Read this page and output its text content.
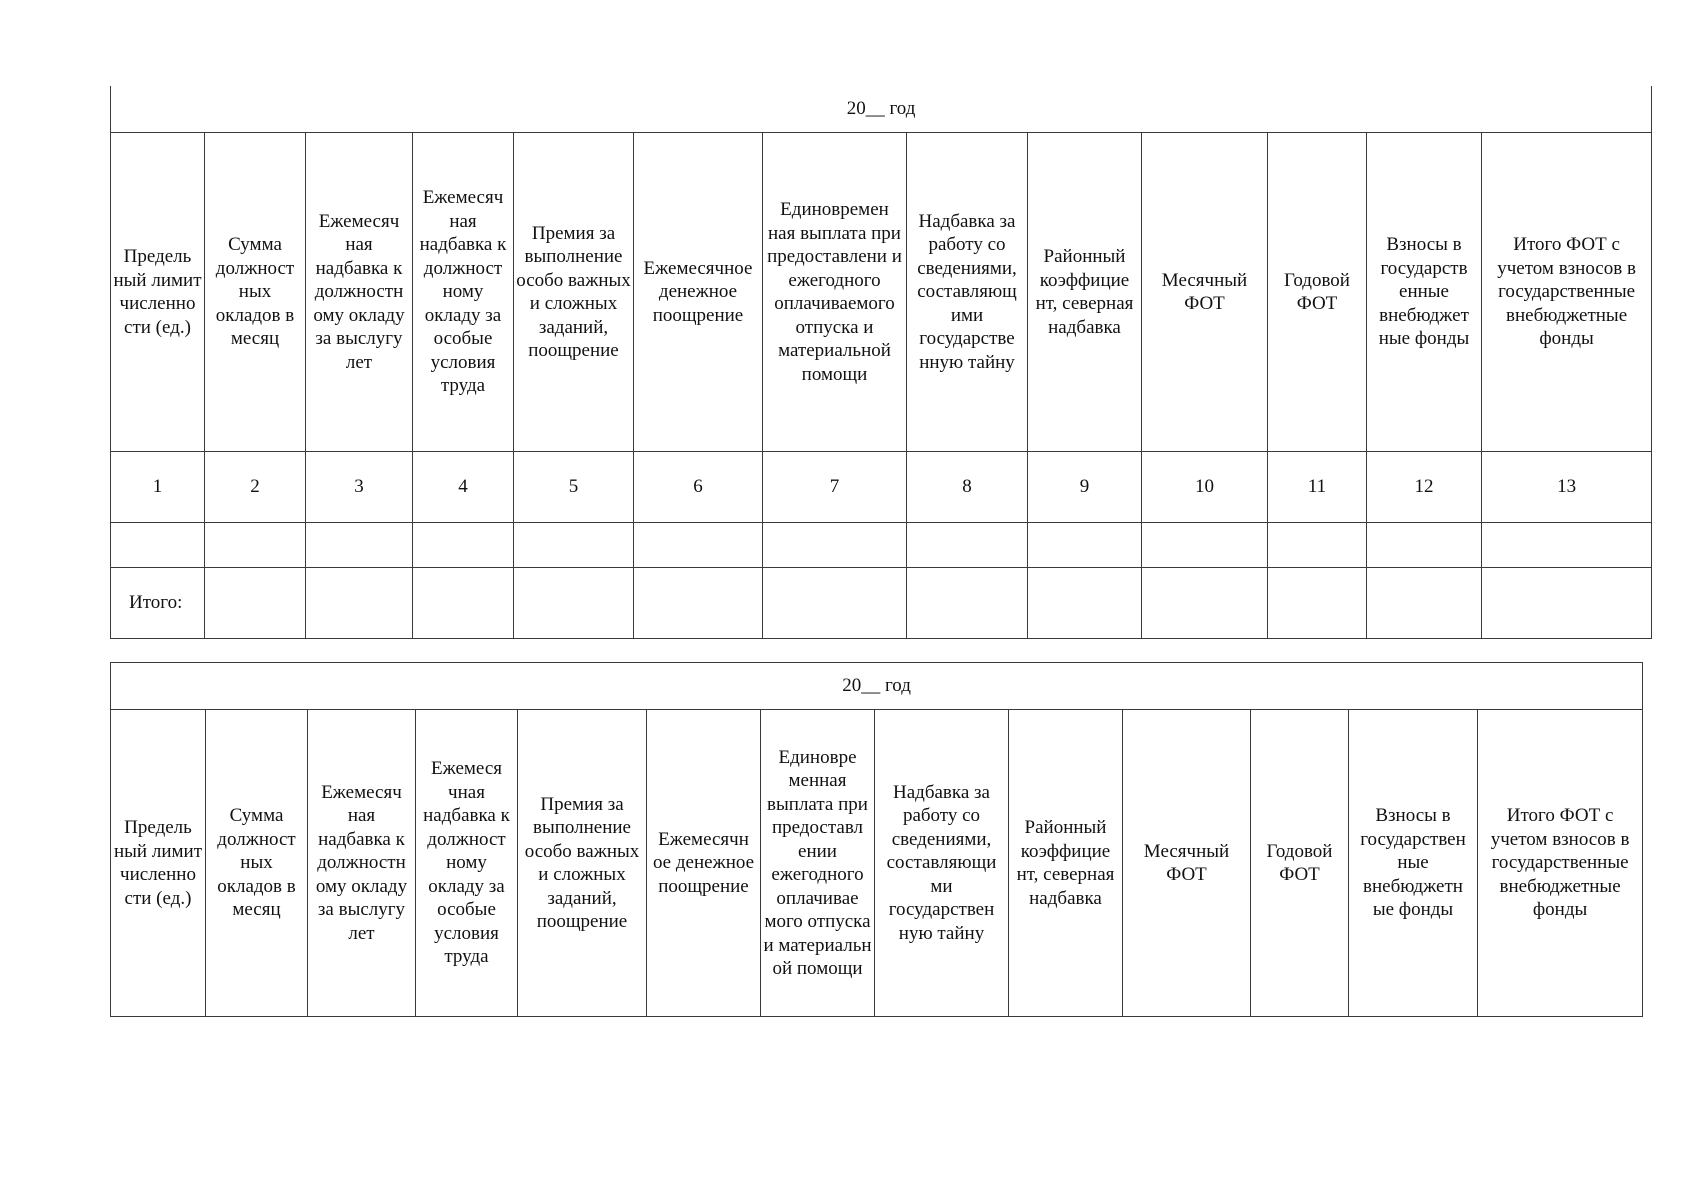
20__ год												
Предель ный лимит численно сти (ед.)	Сумма должност ных окладов в месяц	Ежемесяч ная надбавка к должностн ому окладу за выслугу лет	Ежемесяч ная надбавка к должност ному окладу за особые условия труда	Премия за выполнение особо важных и сложных заданий, поощрение	Ежемесячное денежное поощрение	Единовремен ная выплата при предоставлени и ежегодного оплачиваемого отпуска и материальной помощи	Надбавка за работу со сведениями, составляющ ими государстве нную тайну	Районный коэффицие нт, северная надбавка	Месячный ФОТ	Годовой ФОТ	Взносы в государств енные внебюджет ные фонды	Итого ФОТ с учетом взносов в государственные внебюджетные фонды
1	2	3	4	5	6	7	8	9	10	11	12	13

Итого:												
20__ год
Предель ный лимит численно сти (ед.)	Сумма должност ных окладов в месяц	Ежемесяч ная надбавка к должностн ому окладу за выслугу лет	Ежемеся чная надбавка к должност ному окладу за особые условия труда	Премия за выполнение особо важных и сложных заданий, поощрение	Ежемесячн ое денежное поощрение	Единовре менная выплата при предоставл ении ежегодного оплачивае мого отпуска и материальн ой помощи	Надбавка за работу со сведениями, составляющи ми государствен ную тайну	Районный коэффицие нт, северная надбавка	Месячный ФОТ	Годовой ФОТ	Взносы в государствен ные внебюджетн ые фонды	Итого ФОТ с учетом взносов в государственные внебюджетные фонды
